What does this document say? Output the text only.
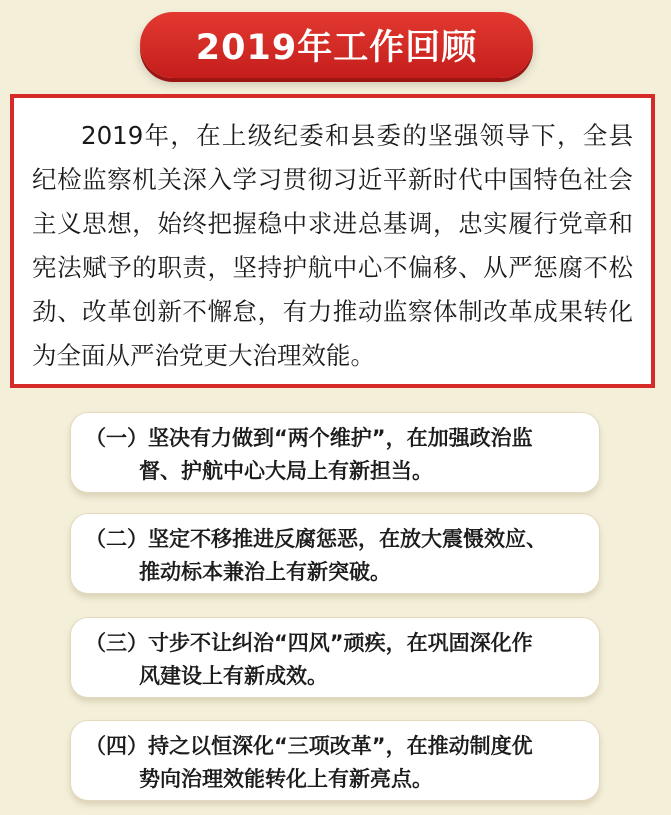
2019年工作回顾

2019年，在上级纪委和县委的坚强领导下，全县纪检监察机关深入学习贯彻习近平新时代中国特色社会主义思想，始终把握稳中求进总基调，忠实履行党章和宪法赋予的职责，坚持护航中心不偏移、从严惩腐不松劲、改革创新不懈怠，有力推动监察体制改革成果转化为全面从严治党更大治理效能。

（一）坚决有力做到“两个维护”，在加强政治监

督、护航中心大局上有新担当。

（二）坚定不移推进反腐惩恶，在放大震慑效应、

推动标本兼治上有新突破。

（三）寸步不让纠治“四风”顽疾，在巩固深化作

风建设上有新成效。

（四）持之以恒深化“三项改革”，在推动制度优

势向治理效能转化上有新亮点。
